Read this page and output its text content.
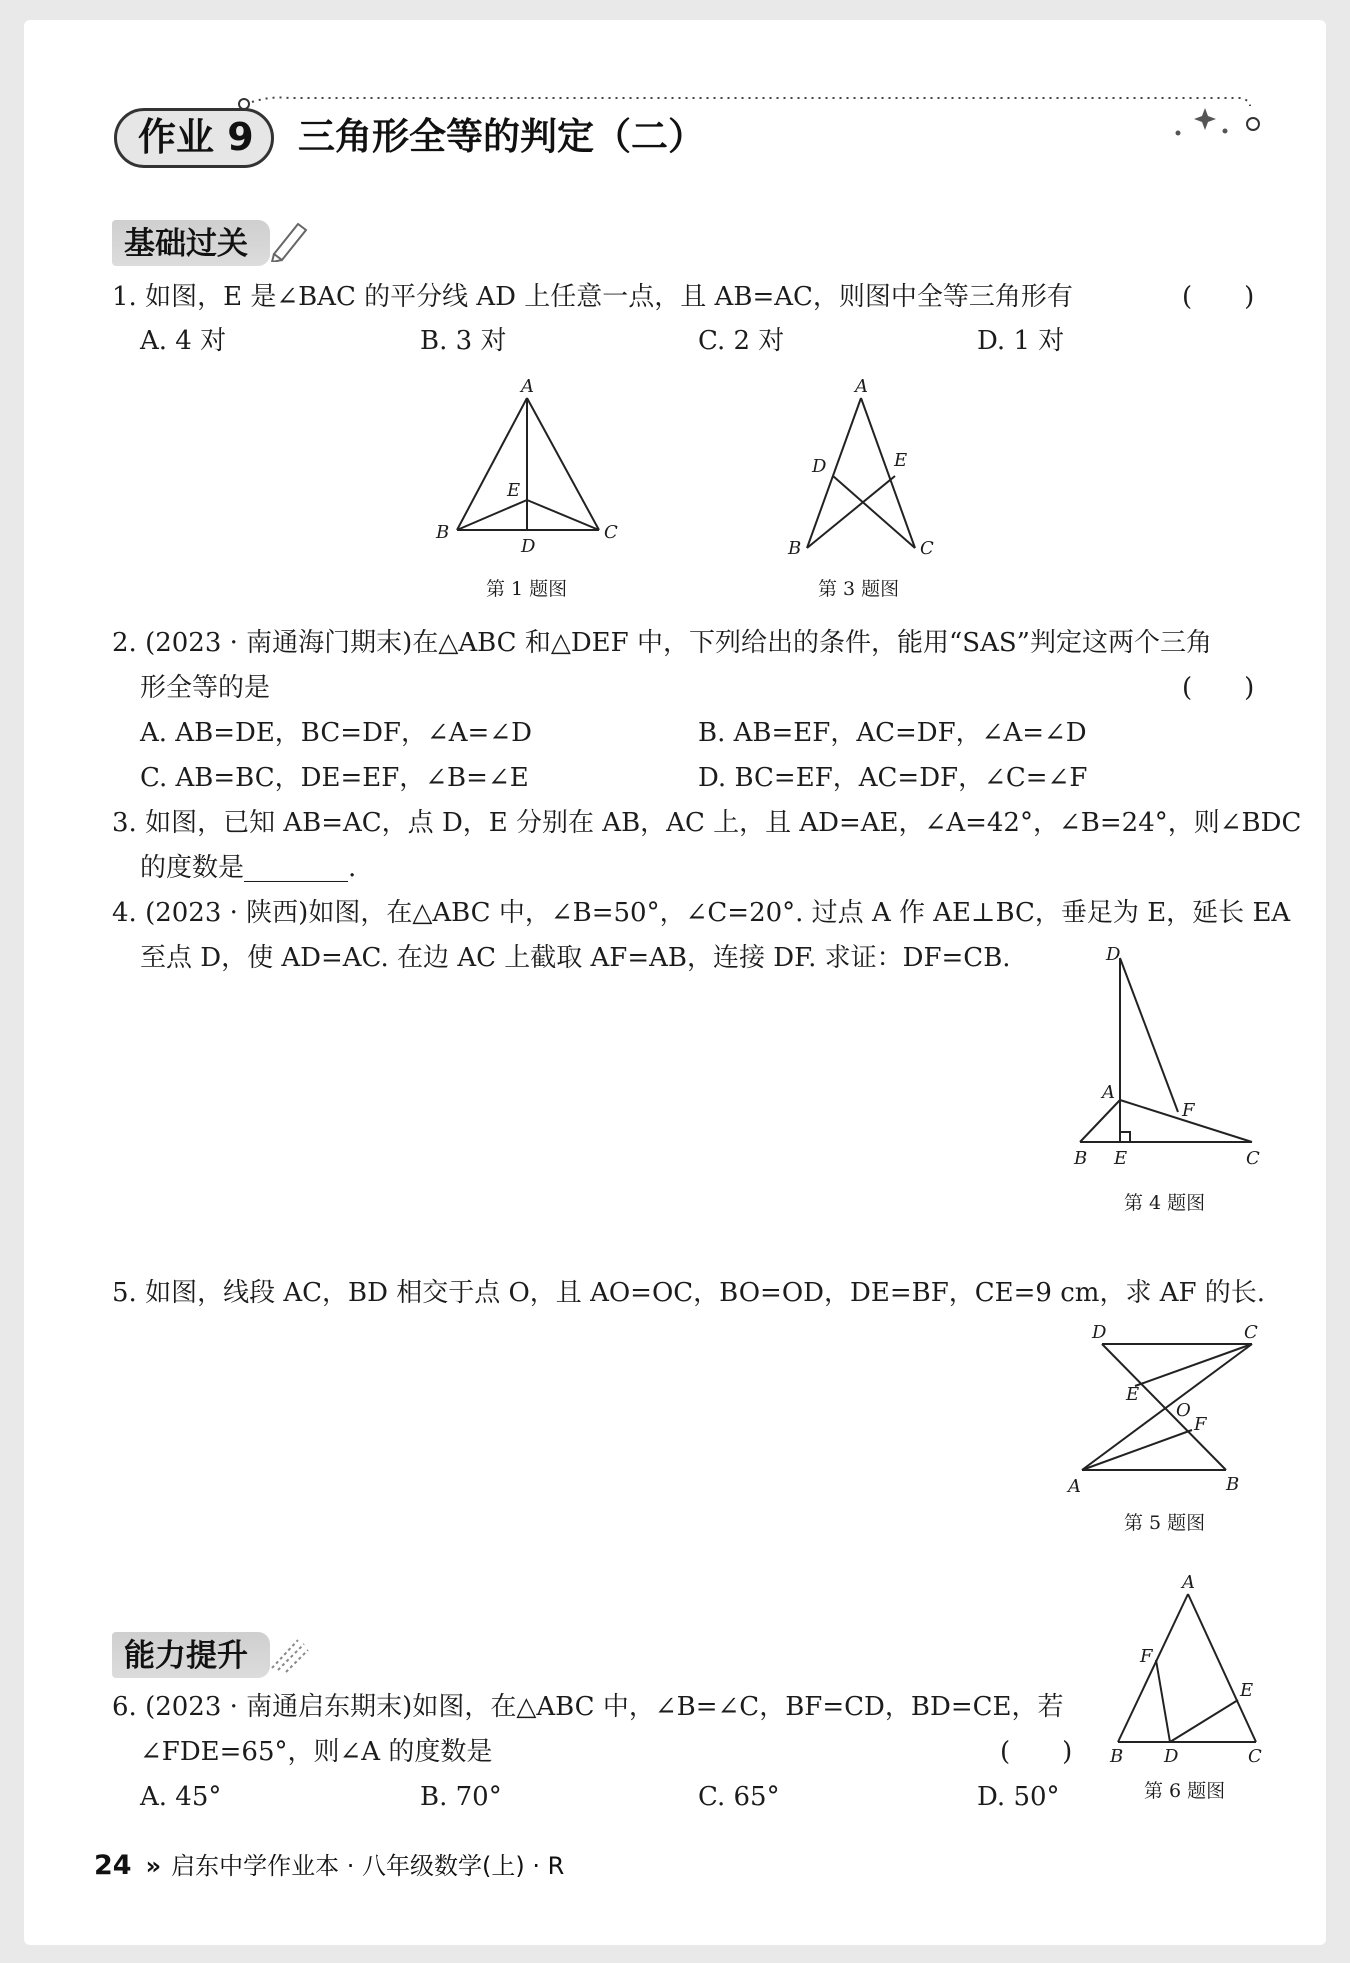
作业 9 三角形全等的判定（二）
基础过关
1. 如图，E 是∠BAC 的平分线 AD 上任意一点，且 AB=AC，则图中全等三角形有	(　　)
A. 4 对	B. 3 对	C. 2 对	D. 1 对
A
E
B
D
C
第 1 题图
A
D	E
B	C
第 3 题图
2. (2023 · 南通海门期末)在△ABC 和△DEF 中，下列给出的条件，能用“SAS”判定这两个三角
形全等的是	(　　)
A. AB=DE，BC=DF，∠A=∠D	B. AB=EF，AC=DF，∠A=∠D
C. AB=BC，DE=EF，∠B=∠E	D. BC=EF，AC=DF，∠C=∠F
3. 如图，已知 AB=AC，点 D，E 分别在 AB，AC 上，且 AD=AE，∠A=42°，∠B=24°，则∠BDC
的度数是________.
4. (2023 · 陕西)如图，在△ABC 中，∠B=50°，∠C=20°. 过点 A 作 AE⊥BC，垂足为 E，延长 EA
至点 D，使 AD=AC. 在边 AC 上截取 AF=AB，连接 DF. 求证：DF=CB.	D
A
F
B E	C
第 4 题图
5. 如图，线段 AC，BD 相交于点 O，且 AO=OC，BO=OD，DE=BF，CE=9 cm，求 AF 的长.
D	C
E
O
F
A	B
第 5 题图
能力提升
6. (2023 · 南通启东期末)如图，在△ABC 中，∠B=∠C，BF=CD，BD=CE，若
∠FDE=65°，则∠A 的度数是	(　　)
A. 45°	B. 70°	C. 65°	D. 50°
A
F
E
B D	C
第 6 题图
24 » 启东中学作业本 · 八年级数学(上) · R
